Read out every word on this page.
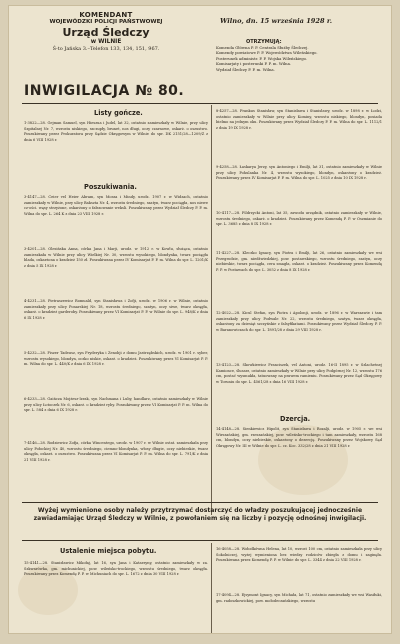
KOMENDANT
WOJEWÓDZKI POLICJI PAŃSTWOWEJ
Urząd Śledczy
w WILNIE
Ś-to Jańska 3.–Telefon 133, 134, 151, 967.
Wilno, dn. 15 września 1928 r.
OTRZYMUJĄ:
Komenda Główna P. P. Centrala Służby Śledczej.
Komendy powiatowe P. P. Województwa Wileńskiego.
Posterunek administr. P. P. Wojska Wileńskiego.
Komisarjaty i posterunki P. P. m. Wilna.
Wydział Śledczy P. P. m. Wilna.
INWIGILACJA № 80.
Listy gończe.
1-3822—28. Gejman Samuel, syn Hieszua i Judel, lat 32, ostatnio zamieszkały w Wilnie, przy ulicy Szpitalnej Nr. 7, wzrostu niskiego, szczupły, brunet, nos długi, oczy czarnowe, oskarż. o oszustwo. Poszukiwany przez Prokuratora przy Sądzie Okręgowym w Wilnie do spr. DK 2151/28—1209/Z z dnia 6 VIII 1928 r.
Poszukiwania.
3-4147—28. Ceier vel Heier Abram, syn Mosza i Mindy, urodz. 1907 r. w Widzach, ostatnio zamieszkały w Wilnie, przy ulicy Bakszta Nr. 4, wzrostu średniego, szatyn, twarz pociągła, nos niewe cz-ości. wąsy strzyżone, oskarżony o fałszowanie weksli. Poszukiwany przez Wydział Śledczy P. P. m. Wilna do spr. L. 264 K z dnia 23 VIII 1928 r.
3-4201—28. Olesińska Anna, córka Jana i Marji, urodz. w 1912 r. w Kowlu, służąca, ostatnio zamieszkała w Wilnie przy ulicy Wielkiej Nr. 30, wzrostu wysokiego, blondynka, twarz pociągła blada, oskarżona o kradzież 150 zł. Poszukiwana przez IV Komisarjat P. P. m. Wilna do spr. L. 1201/K z dnia 5 IX 1928 r.
4-4231—28. Pietraszewicz Romuald, syn Stanisława i Zofji, urodz. w 1906 r. w Wilnie, ostatnio zamieszkały przy ulicy Ponarskiej Nr. 18, wzrostu średniego, szatyn, oczy siwe, twarz okrągła, oskarż. o kradzież garderoby. Poszukiwany przez VI Komisarjat P. P. w Wilnie do spr. L. 948/K z dnia 6 IX 1928 r.
5-4232—28. Fiszer Tadeusz, syn Fryderyka i Zenobji z domu Jastrzębskich, urodz. w 1901 r. syber, wzrostu wysokiego, blondyn, oczko niskie, oskarż. o kradzież. Poszukiwany przez VI Komisarjat P. P. m. Wilna do spr. L. 440/K z dnia 6 IX 1928 r.
6-4233—28. Gaińcza Mojżesz-Izrak, syn Nachmana i Luby, handlarz, ostatnio zamieszkały w Wilnie przy ulicy Łotoczek Nr. 6, oskarż. o kradzież ryby. Poszukiwany przez VI Komisarjat P. P. m. Wilna do spr. L. 584 z dnia 6 IX 1928 r.
7-4146—28. Rodziewicz Zofja, córka Wincentego, urodz. w 1907 r. w Wilnie ostat. zamieszkała przy ulicy Połockiej Nr. 40, wzrostu średniego, ciemno-blondynka, włosy długie, oczy niebieskie, twarz okrągła, oskarż. o oszustwo. Poszukiwana przez VI Komisarjat P. P. m. Wilna do spr. L. 791/K z dnia 21 VIII 1928 r.
8-4257—28. Frankus Stanisław, syn Stanisława i Stanisławy, urodz. w 1898 r. w Łodzi, ostatnio zamieszkały w Wilnie przy ulicy Kominy, wzrostu niskiego, blondyn, posiada bielmo na jednym oku. Poszukiwany przez Wydział Śledczy P. P. m. Wilna do spr. L. 1112/1 z dnia 19 IX 1928 r.
9-4258—28. Łaskarya Jerzy, syn Antoniego i Emilji, lat 31, ostatnio zamieszkały w Wilnie przy ulicy Pohulanka Nr. 4, wzrostu wysokiego, blondyn, oskarżony o kradzież. Poszukiwany przez IV Komisarjat P. P. m. Wilna do spr. L. 1025 z dnia 10 IX 1928 r.
10-4117—28. Fildrzycki Antoni, lat 35, zawodu urzędnik, ostatnio zamieszkały w Wilnie, wzrostu średniego, oskarż. o kradzież. Poszukiwany przez Komendę P. P. w Oszmianie do spr. L. 3685 z dnia 8 IX 1928 r.
11-4227—28. Kleczko Ignacy, syn Piotra i Emilji, lat 26, ostatnio zamieszkały we wsi Przegrodzie, gm. niedźwiedzkiej, pow. postawskiego, wzrostu średniego, szatyn, oczy niebieskie, twarz pociągła, cera smagła, oskarż. o kradzież. Poszukiwany przez Komendę P. P. w Postawach do spr. L. 3052 z dnia 8 IX 1928 r.
12-4022—28. Kicul Stefan, syn Piotra i Apolonji, urodz. w 1896 r. w Warszawie i tam zamieszkały przy ulicy Podwale Nr. 22, wzrostu średniego, szatyn, twarz okrągła, oskarżony za dziesiąt szczyńskie z falsyfikatami. Poszukiwany przez Wydział Śledczy P. P. w Baranowiczach do spr. L. 1891/28 z dnia 29 VIII 1928 r.
13-4123—28. Skowkiewicz Franciszek, vel Antoni, urodz. 16-II 1895 r. w Szlachetnej Kamionce, ślusarz, ostatnio zamieszkały w Wilnie przy ulicy Podgórnej Nr. 12, wzrostu 176 cm, postać wysmukła, tatuowany na prawem ramieniu. Poszukiwany przez Sąd Okręgowy w Toruniu do spr. L. 4561/28 z dnia 16 VIII 1928 r.
Dzercja.
14-4148—28. Sienkiewicz Hipolit, syn Stanisława i Rozalji, urodz. w 1905 r. we wsi Wirszańskiej, gm. rzeszańskiej, pow. wileńsko-trockiego i tam zamieszkały, wzrostu 168 cm, blondyn, oczy niebieskie, oskarżony o dezercję. Poszukiwany przez Wojskowy Sąd Okręgowy Nr. III w Wilnie do spr. L. cz. Koc. 332/28 z dnia 21 VIII 1928 r.
Wyżej wymienione osoby należy przytrzymać dostarczyć do władzy poszukującej jednocześnie zawiadamiając Urząd Śledczy w Wilnie, z powołaniem się na liczby i pozycję odnośnej inwigilacji.
Ustalenie miejsca pobytu.
15-4141—28. Stanisławicz Mikołaj, lat 16, syn Jana i Katarzyny, ostatnio zamieszkały w za. Szkwarówka, gm. michunickiej, pow. wileńsko-trockiego, wzrostu średniego, twarz okrągła. Poszukiwany przez Komendę P. P. w Michuniach do spr. L. 1672 z dnia 30 VIII 1928 r.
16-4058—28. Wołodkówna Helena, lat 10, wzrost 100 cm, ostatnio zamieszkała przy ulicy Sokolniczej, wyżej wymieniona bez wiedzy rodziców zbiegła z domu i zaginęła. Poszukiwana przez Komendę P. P. w Wilnie do spr. L. 3344 z dnia 22 VIII 1928 r.
17-4094—28. Ejsymont Ignacy, syn Michała, lat 71, ostatnio zamieszkały we wsi Wasiłuki, gm. radoszkowickiej, pow. mołodeczańskiego, wzrostu
